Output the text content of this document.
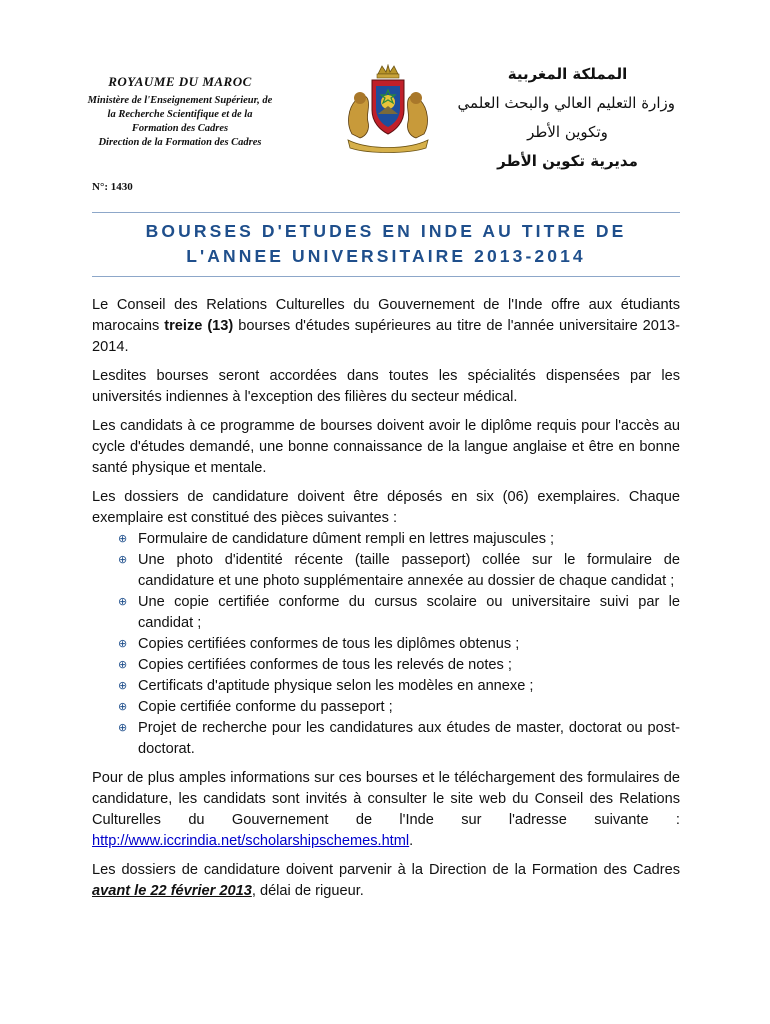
ROYAUME DU MAROC
Ministère de l'Enseignement Supérieur, de
la Recherche Scientifique et de la
Formation des Cadres
Direction de la Formation des Cadres
المملكة المغربية
وزارة التعليم العالي والبحث العلمي
وتكوين الأطر
مديرية تكوين الأطر
N°: 1430
BOURSES D'ETUDES EN INDE AU TITRE DE
L'ANNEE UNIVERSITAIRE 2013-2014

Le Conseil des Relations Culturelles du Gouvernement de l'Inde offre aux étudiants marocains treize (13) bourses d'études supérieures au titre de l'année universitaire 2013-2014.

Lesdites bourses seront accordées dans toutes les spécialités dispensées par les universités indiennes à l'exception des filières du secteur médical.

Les candidats à ce programme de bourses doivent avoir le diplôme requis pour l'accès au cycle d'études demandé, une bonne connaissance de la langue anglaise et être en bonne santé physique et mentale.

Les dossiers de candidature doivent être déposés en six (06) exemplaires. Chaque exemplaire est constitué des pièces suivantes :

⊕ Formulaire de candidature dûment rempli en lettres majuscules ;
⊕ Une photo d'identité récente (taille passeport) collée sur le formulaire de candidature et une photo supplémentaire annexée au dossier de chaque candidat ;
⊕ Une copie certifiée conforme du cursus scolaire ou universitaire suivi par le candidat ;
⊕ Copies certifiées conformes de tous les diplômes obtenus ;
⊕ Copies certifiées conformes de tous les relevés de notes ;
⊕ Certificats d'aptitude physique selon les modèles en annexe ;
⊕ Copie certifiée conforme du passeport ;
⊕ Projet de recherche pour les candidatures aux études de master, doctorat ou post-doctorat.

Pour de plus amples informations sur ces bourses et le téléchargement des formulaires de candidature, les candidats sont invités à consulter le site web du Conseil des Relations Culturelles du Gouvernement de l'Inde sur l'adresse suivante : http://www.iccrindia.net/scholarshipschemes.html.

Les dossiers de candidature doivent parvenir à la Direction de la Formation des Cadres avant le 22 février 2013, délai de rigueur.
